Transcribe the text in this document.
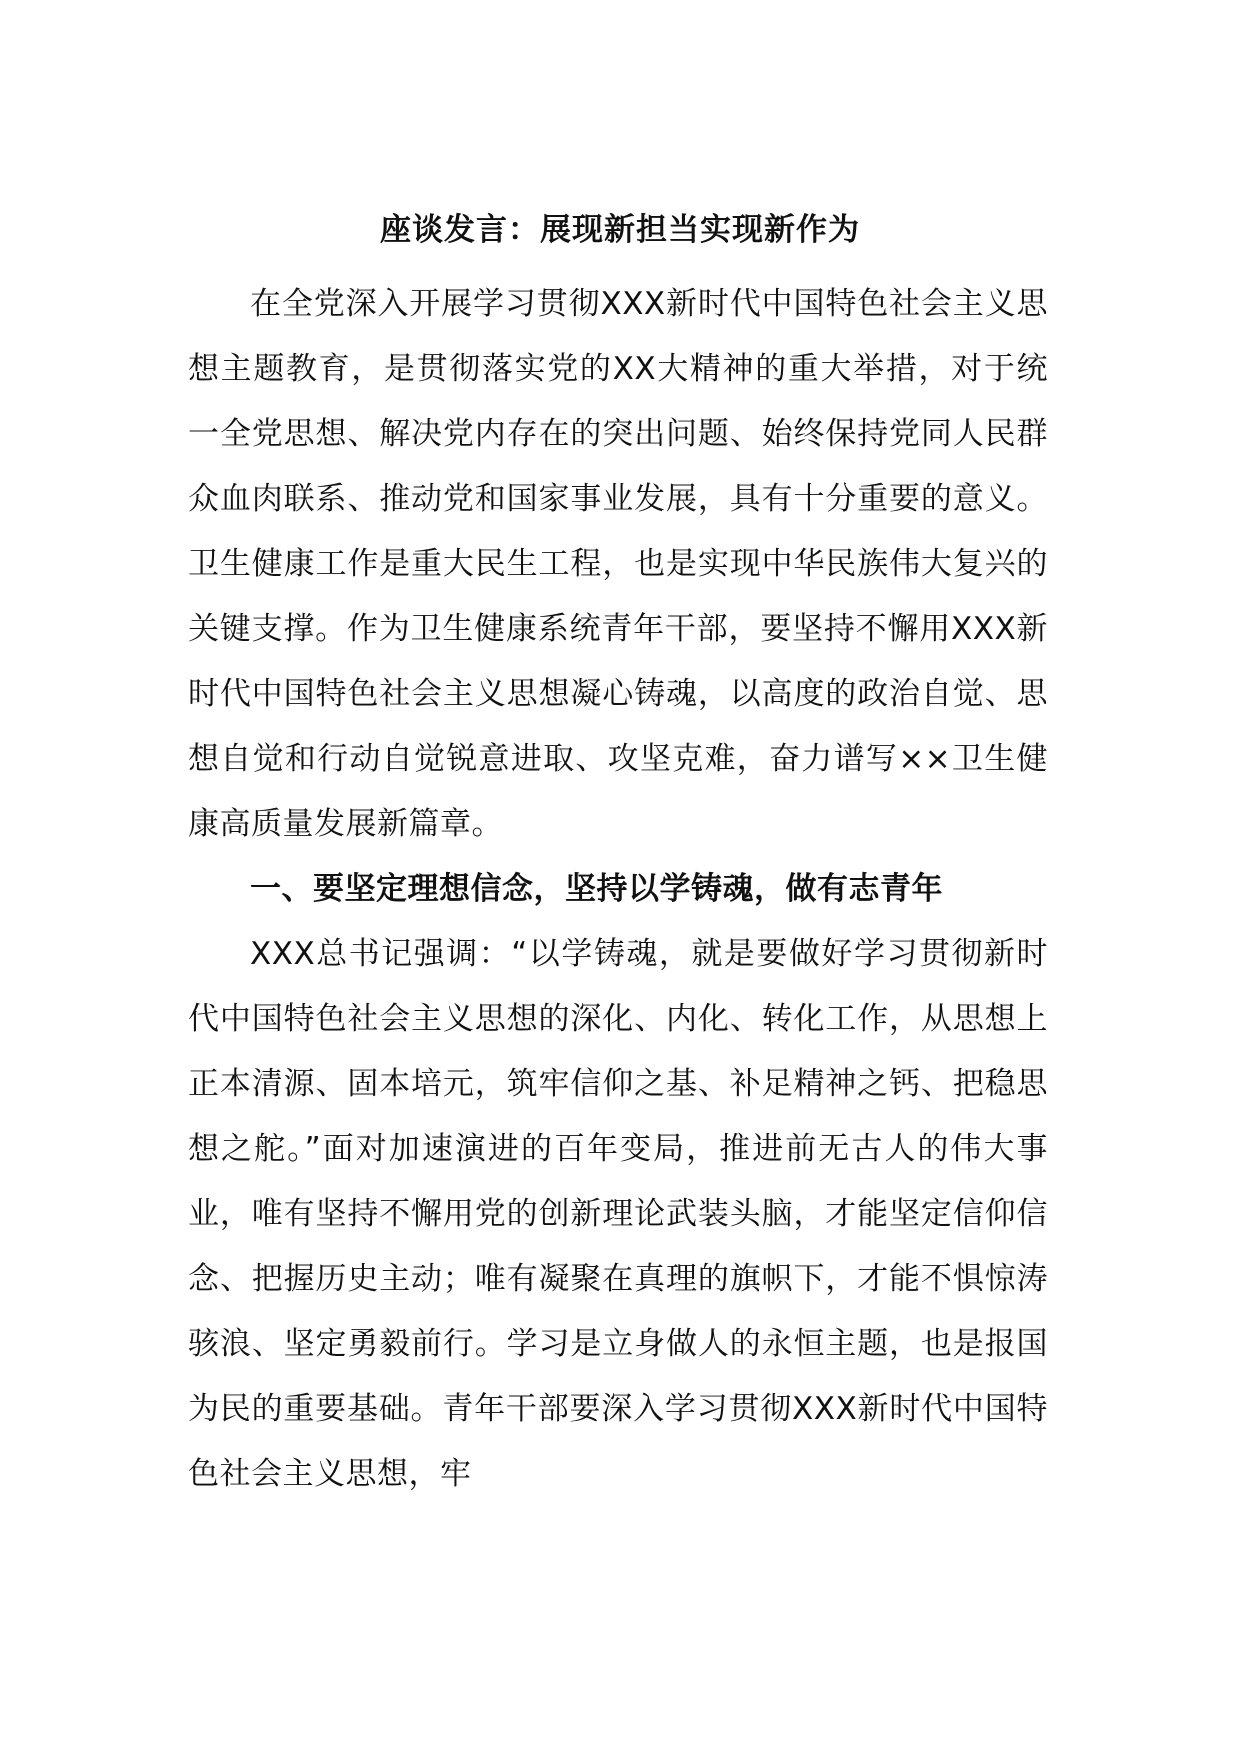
座谈发言：展现新担当实现新作为

在全党深入开展学习贯彻XXX新时代中国特色社会主义思想主题教育，是贯彻落实党的XX大精神的重大举措，对于统一全党思想、解决党内存在的突出问题、始终保持党同人民群众血肉联系、推动党和国家事业发展，具有十分重要的意义。卫生健康工作是重大民生工程，也是实现中华民族伟大复兴的关键支撑。作为卫生健康系统青年干部，要坚持不懈用XXX新时代中国特色社会主义思想凝心铸魂，以高度的政治自觉、思想自觉和行动自觉锐意进取、攻坚克难，奋力谱写××卫生健康高质量发展新篇章。

一、要坚定理想信念，坚持以学铸魂，做有志青年

XXX总书记强调：“以学铸魂，就是要做好学习贯彻新时代中国特色社会主义思想的深化、内化、转化工作，从思想上正本清源、固本培元，筑牢信仰之基、补足精神之钙、把稳思想之舵。”面对加速演进的百年变局，推进前无古人的伟大事业，唯有坚持不懈用党的创新理论武装头脑，才能坚定信仰信念、把握历史主动；唯有凝聚在真理的旗帜下，才能不惧惊涛骇浪、坚定勇毅前行。学习是立身做人的永恒主题，也是报国为民的重要基础。青年干部要深入学习贯彻XXX新时代中国特色社会主义思想，牢
